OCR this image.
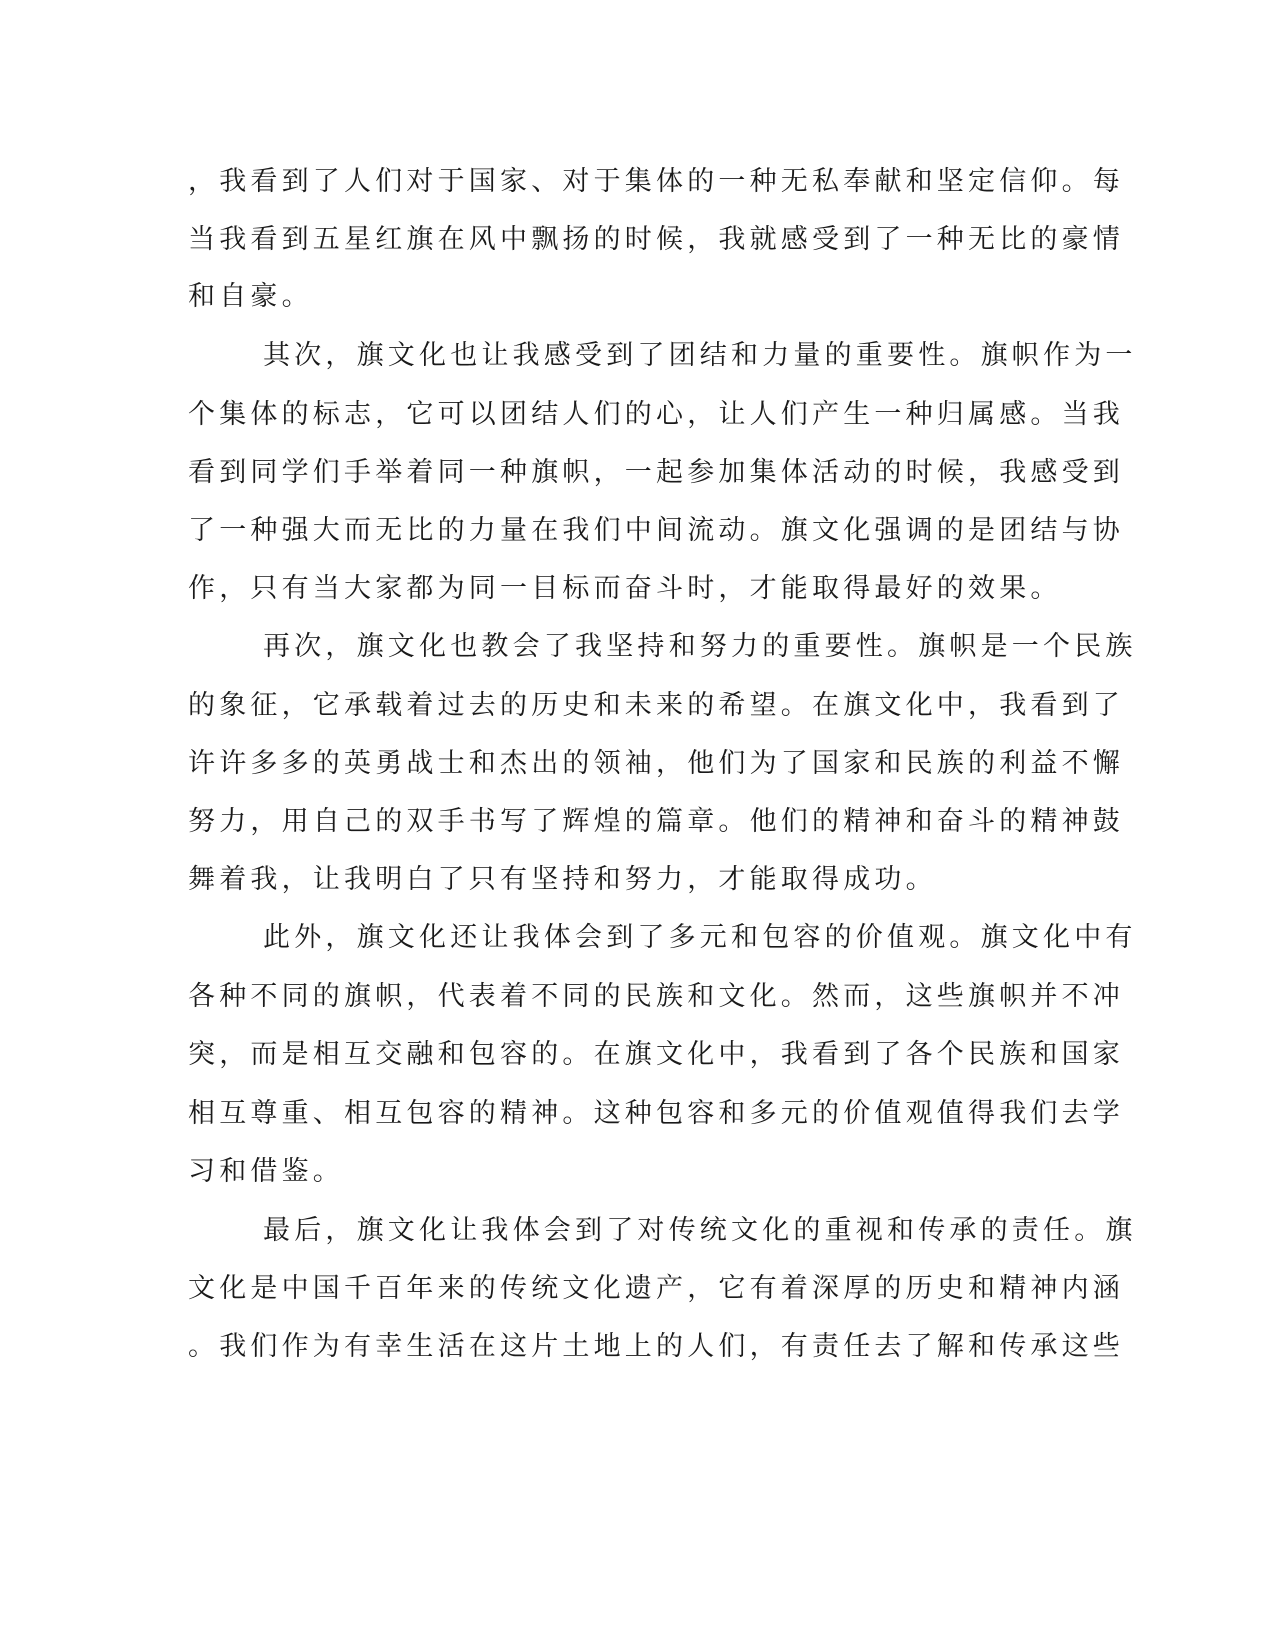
，我看到了人们对于国家、对于集体的一种无私奉献和坚定信仰。每
当我看到五星红旗在风中飘扬的时候，我就感受到了一种无比的豪情
和自豪。
其次，旗文化也让我感受到了团结和力量的重要性。旗帜作为一
个集体的标志，它可以团结人们的心，让人们产生一种归属感。当我
看到同学们手举着同一种旗帜，一起参加集体活动的时候，我感受到
了一种强大而无比的力量在我们中间流动。旗文化强调的是团结与协
作，只有当大家都为同一目标而奋斗时，才能取得最好的效果。
再次，旗文化也教会了我坚持和努力的重要性。旗帜是一个民族
的象征，它承载着过去的历史和未来的希望。在旗文化中，我看到了
许许多多的英勇战士和杰出的领袖，他们为了国家和民族的利益不懈
努力，用自己的双手书写了辉煌的篇章。他们的精神和奋斗的精神鼓
舞着我，让我明白了只有坚持和努力，才能取得成功。
此外，旗文化还让我体会到了多元和包容的价值观。旗文化中有
各种不同的旗帜，代表着不同的民族和文化。然而，这些旗帜并不冲
突，而是相互交融和包容的。在旗文化中，我看到了各个民族和国家
相互尊重、相互包容的精神。这种包容和多元的价值观值得我们去学
习和借鉴。
最后，旗文化让我体会到了对传统文化的重视和传承的责任。旗
文化是中国千百年来的传统文化遗产，它有着深厚的历史和精神内涵
。我们作为有幸生活在这片土地上的人们，有责任去了解和传承这些
